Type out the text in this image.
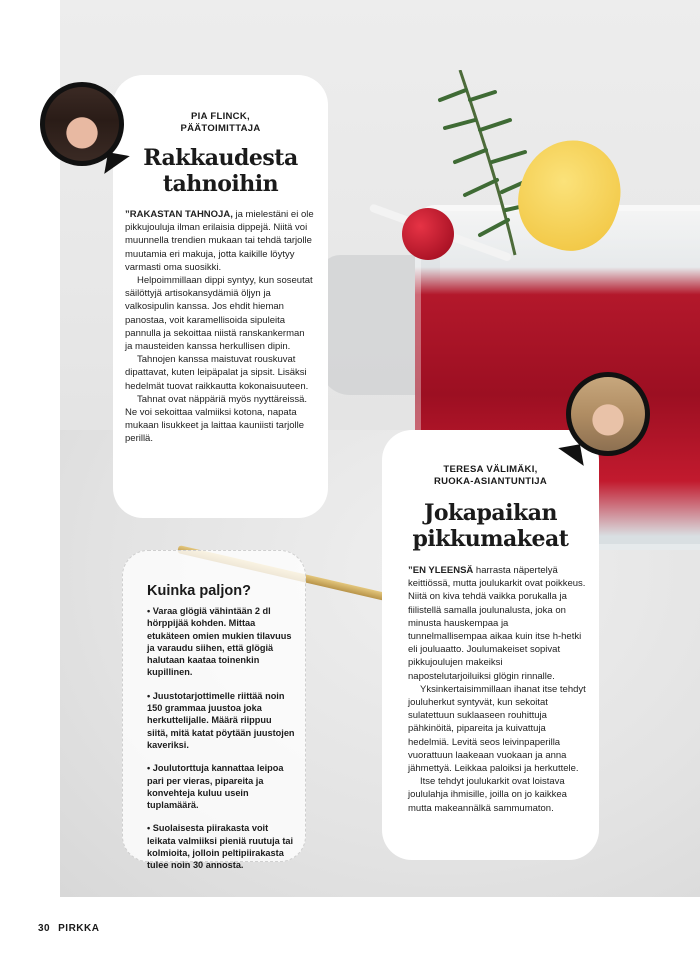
PIA FLINCK,
PÄÄTOIMITTAJA
Rakkaudesta
tahnoihin

”RAKASTAN TAHNOJA, ja mielestäni ei ole pikkujouluja ilman erilaisia dippejä. Niitä voi muunnella trendien mukaan tai tehdä tarjolle muutamia eri makuja, jotta kaikille löytyy varmasti oma suosikki.

Helpoimmillaan dippi syntyy, kun soseutat säilöttyjä artisokansydämiä öljyn ja valkosipulin kanssa. Jos ehdit hieman panostaa, voit karamellisoida sipuleita pannulla ja sekoittaa niistä ranskankerman ja mausteiden kanssa herkullisen dipin.

Tahnojen kanssa maistuvat rouskuvat dipattavat, kuten leipäpalat ja sipsit. Lisäksi hedelmät tuovat raikkautta kokonaisuuteen.

Tahnat ovat näppäriä myös nyyttäreissä. Ne voi sekoittaa valmiiksi kotona, napata mukaan lisukkeet ja laittaa kauniisti tarjolle perillä.

Kuinka paljon?
• Varaa glögiä vähintään 2 dl hörppijää kohden. Mittaa etukäteen omien mukien tilavuus ja varaudu siihen, että glögiä halutaan kaataa toinenkin kupillinen.
• Juustotarjottimelle riittää noin 150 grammaa juustoa joka herkuttelijalle. Määrä riippuu siitä, mitä katat pöytään juustojen kaveriksi.
• Joulutorttuja kannattaa leipoa pari per vieras, pipareita ja konvehteja kuluu usein tuplamäärä.
• Suolaisesta piirakasta voit leikata valmiiksi pieniä ruutuja tai kolmioita, jolloin peltipiirakasta tulee noin 30 annosta.
TERESA VÄLIMÄKI,
RUOKA-ASIANTUNTIJA
Jokapaikan
pikkumakeat

”EN YLEENSÄ harrasta näpertelyä keittiössä, mutta joulukarkit ovat poikkeus. Niitä on kiva tehdä vaikka porukalla ja fiilistellä samalla joulunalusta, joka on minusta hauskempaa ja tunnelmallisempaa aikaa kuin itse h-hetki eli jouluaatto. Joulumakeiset sopivat pikkujoulujen makeiksi napostelutarjoiluiksi glögin rinnalle.

Yksinkertaisimmillaan ihanat itse tehdyt jouluherkut syntyvät, kun sekoitat sulatettuun suklaaseen rouhittuja pähkinöitä, pipareita ja kuivattuja hedelmiä. Levitä seos leivinpaperilla vuorattuun laakeaan vuokaan ja anna jähmettyä. Leikkaa paloiksi ja herkuttele.

Itse tehdyt joulukarkit ovat loistava joululahja ihmisille, joilla on jo kaikkea mutta makeannälkä sammumaton.

30 PIRKKA
